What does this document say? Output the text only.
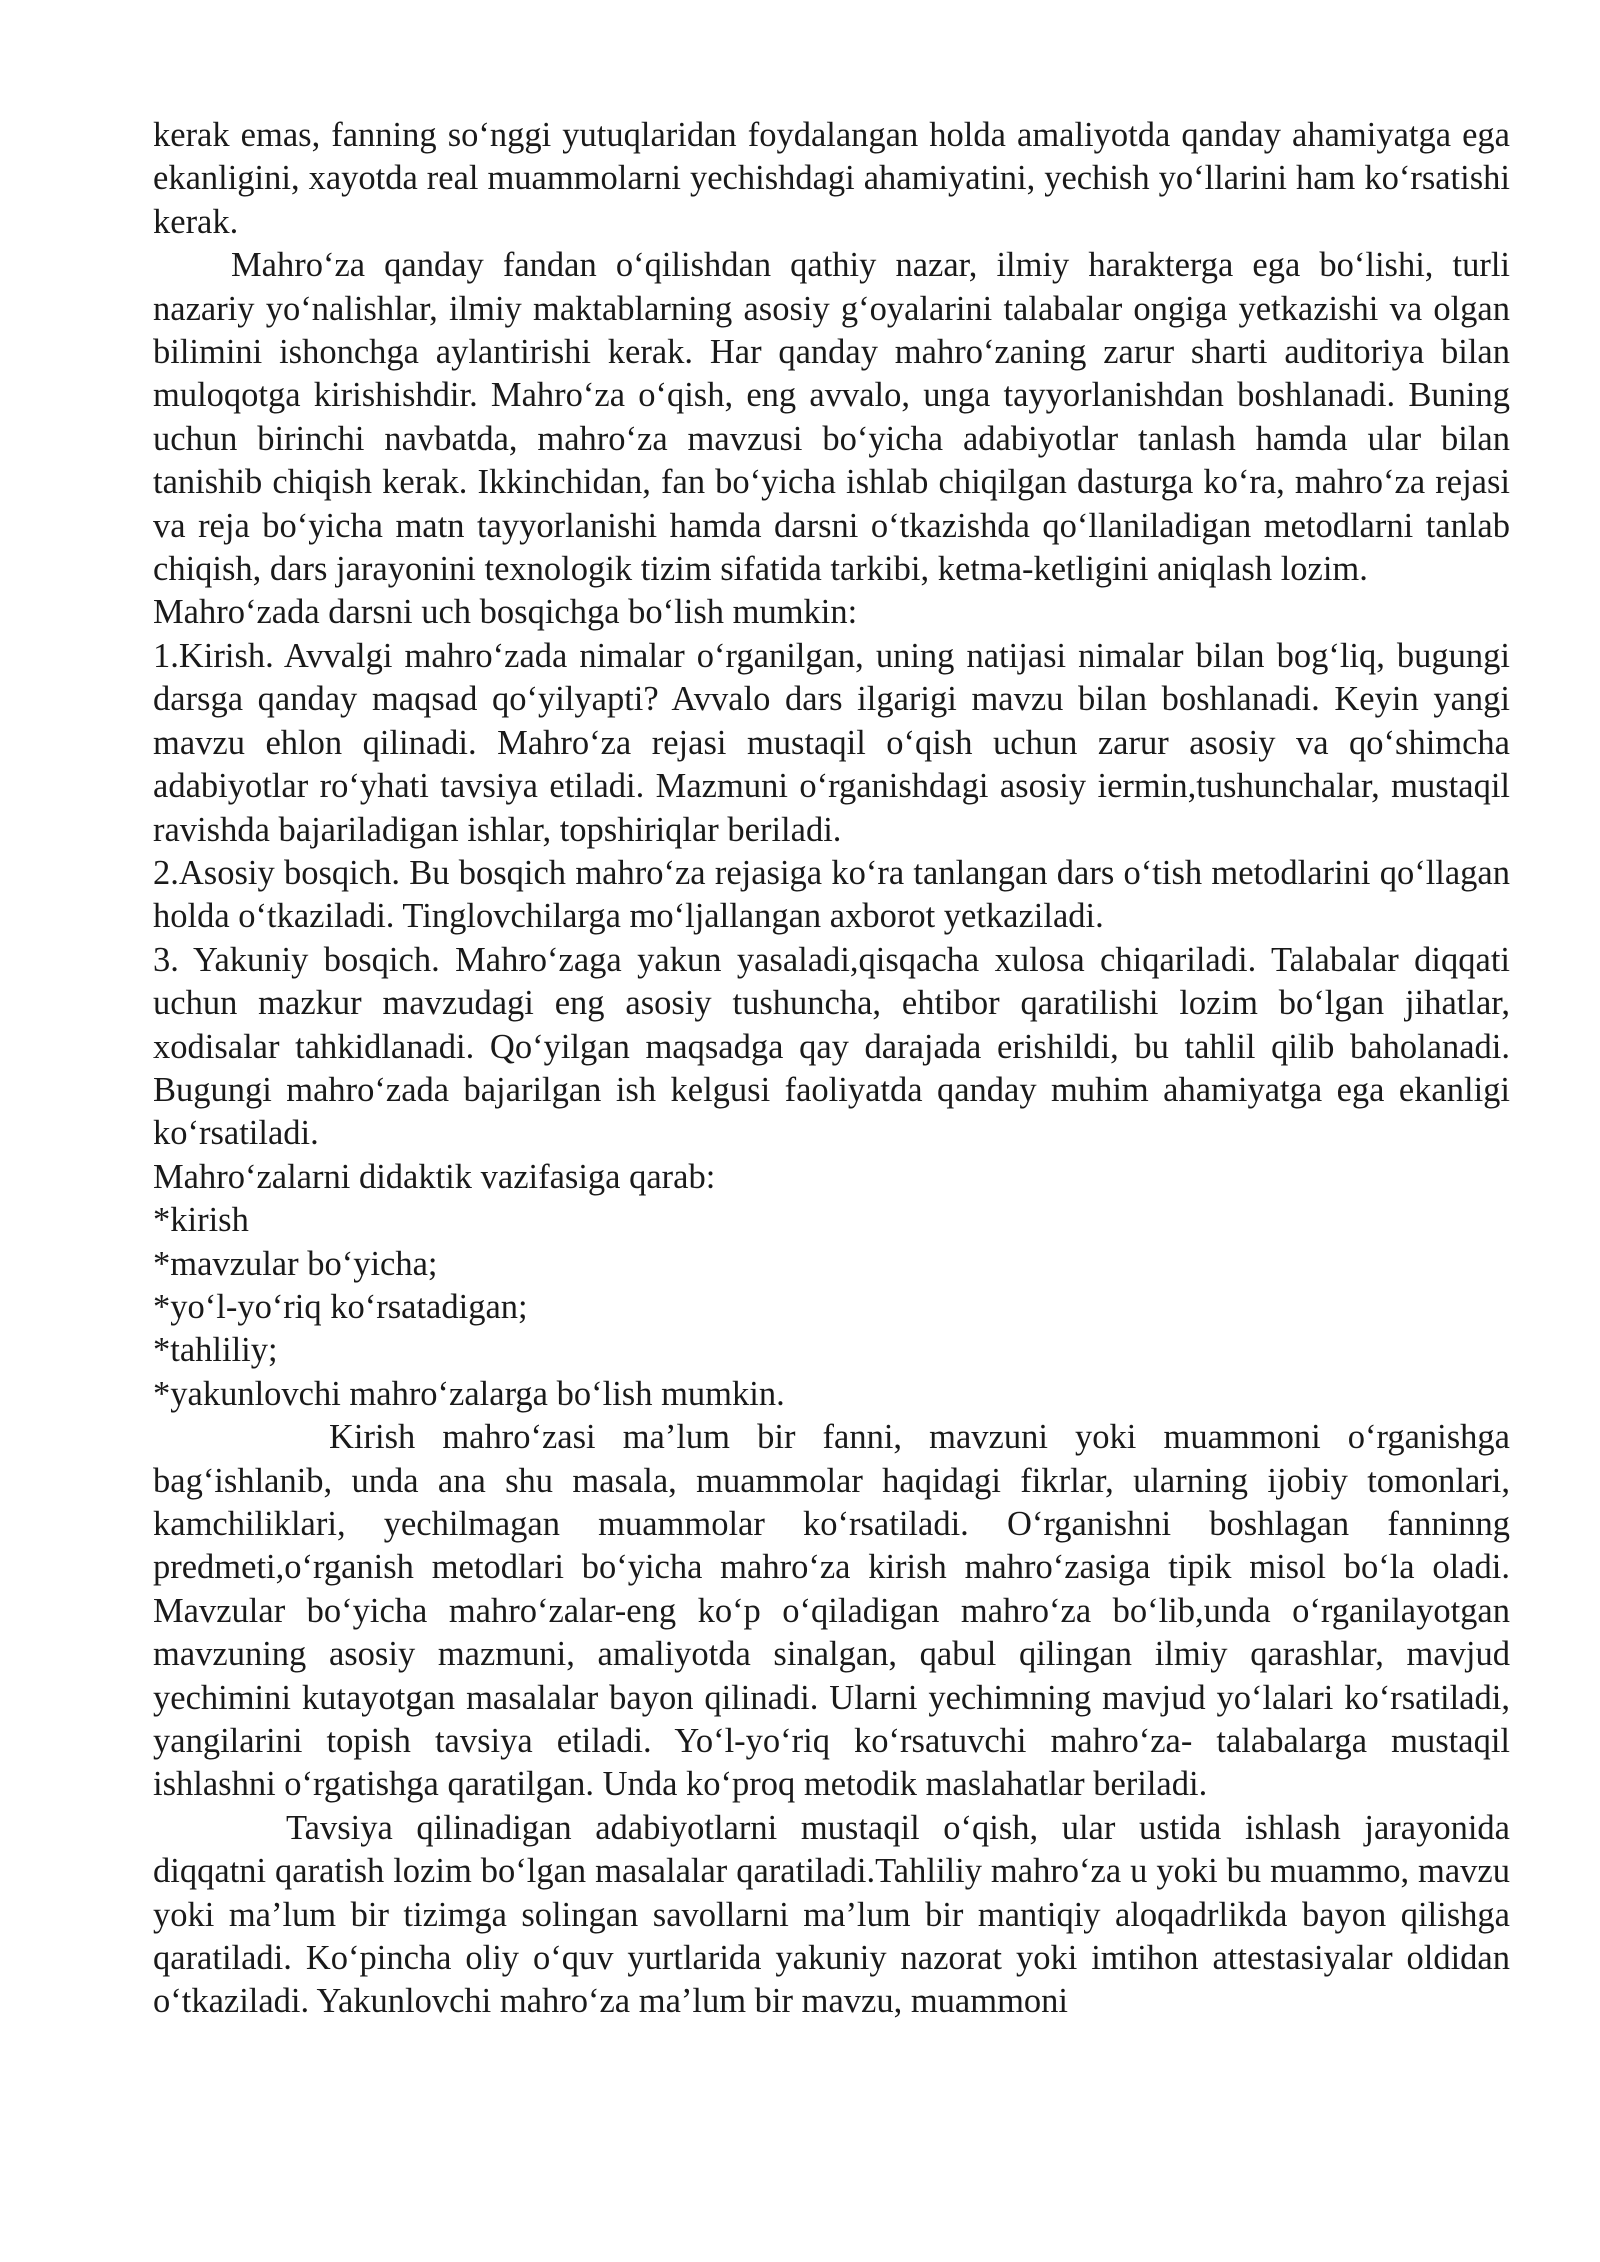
kerak emas, fanning so‘nggi yutuqlaridan foydalangan holda amaliyotda qanday ahamiyatga ega ekanligini, xayotda real muammolarni yechishdagi ahamiyatini, yechish yo‘llarini ham ko‘rsatishi kerak.

Mahro‘za qanday fandan o‘qilishdan qathiy nazar, ilmiy harakterga ega bo‘lishi, turli nazariy yo‘nalishlar, ilmiy maktablarning asosiy g‘oyalarini talabalar ongiga yetkazishi va olgan bilimini ishonchga aylantirishi kerak. Har qanday mahro‘zaning zarur sharti auditoriya bilan muloqotga kirishishdir. Mahro‘za o‘qish, eng avvalo, unga tayyorlanishdan boshlanadi. Buning uchun birinchi navbatda, mahro‘za mavzusi bo‘yicha adabiyotlar tanlash hamda ular bilan tanishib chiqish kerak. Ikkinchidan, fan bo‘yicha ishlab chiqilgan dasturga ko‘ra, mahro‘za rejasi va reja bo‘yicha matn tayyorlanishi hamda darsni o‘tkazishda qo‘llaniladigan metodlarni tanlab chiqish, dars jarayonini texnologik tizim sifatida tarkibi, ketma-ketligini aniqlash lozim.

Mahro‘zada darsni uch bosqichga bo‘lish mumkin:

1.Kirish. Avvalgi mahro‘zada nimalar o‘rganilgan, uning natijasi nimalar bilan bog‘liq, bugungi darsga qanday maqsad qo‘yilyapti? Avvalo dars ilgarigi mavzu bilan boshlanadi. Keyin yangi mavzu ehlon qilinadi. Mahro‘za rejasi mustaqil o‘qish uchun zarur asosiy va qo‘shimcha adabiyotlar ro‘yhati tavsiya etiladi. Mazmuni o‘rganishdagi asosiy iermin,tushunchalar, mustaqil ravishda bajariladigan ishlar, topshiriqlar beriladi.

2.Asosiy bosqich. Bu bosqich mahro‘za rejasiga ko‘ra tanlangan dars o‘tish metodlarini qo‘llagan holda o‘tkaziladi. Tinglovchilarga mo‘ljallangan axborot yetkaziladi.

3. Yakuniy bosqich. Mahro‘zaga yakun yasaladi,qisqacha xulosa chiqariladi. Talabalar diqqati uchun mazkur mavzudagi eng asosiy tushuncha, ehtibor qaratilishi lozim bo‘lgan jihatlar, xodisalar tahkidlanadi. Qo‘yilgan maqsadga qay darajada erishildi, bu tahlil qilib baholanadi. Bugungi mahro‘zada bajarilgan ish kelgusi faoliyatda qanday muhim ahamiyatga ega ekanligi ko‘rsatiladi.

Mahro‘zalarni didaktik vazifasiga qarab:

*kirish

*mavzular bo‘yicha;

*yo‘l-yo‘riq ko‘rsatadigan;

*tahliliy;

*yakunlovchi mahro‘zalarga bo‘lish mumkin.

Kirish mahro‘zasi ma’lum bir fanni, mavzuni yoki muammoni o‘rganishga bag‘ishlanib, unda ana shu masala, muammolar haqidagi fikrlar, ularning ijobiy tomonlari, kamchiliklari, yechilmagan muammolar ko‘rsatiladi. O‘rganishni boshlagan fanninng predmeti,o‘rganish metodlari bo‘yicha mahro‘za kirish mahro‘zasiga tipik misol bo‘la oladi. Mavzular bo‘yicha mahro‘zalar-eng ko‘p o‘qiladigan mahro‘za bo‘lib,unda o‘rganilayotgan mavzuning asosiy mazmuni, amaliyotda sinalgan, qabul qilingan ilmiy qarashlar, mavjud yechimini kutayotgan masalalar bayon qilinadi. Ularni yechimning mavjud yo‘lalari ko‘rsatiladi, yangilarini topish tavsiya etiladi. Yo‘l-yo‘riq ko‘rsatuvchi mahro‘za- talabalarga mustaqil ishlashni o‘rgatishga qaratilgan. Unda ko‘proq metodik maslahatlar beriladi.

Tavsiya qilinadigan adabiyotlarni mustaqil o‘qish, ular ustida ishlash jarayonida diqqatni qaratish lozim bo‘lgan masalalar qaratiladi.Tahliliy mahro‘za u yoki bu muammo, mavzu yoki ma’lum bir tizimga solingan savollarni ma’lum bir mantiqiy aloqadrlikda bayon qilishga qaratiladi. Ko‘pincha oliy o‘quv yurtlarida yakuniy nazorat yoki imtihon attestasiyalar oldidan o‘tkaziladi. Yakunlovchi mahro‘za ma’lum bir mavzu, muammoni
